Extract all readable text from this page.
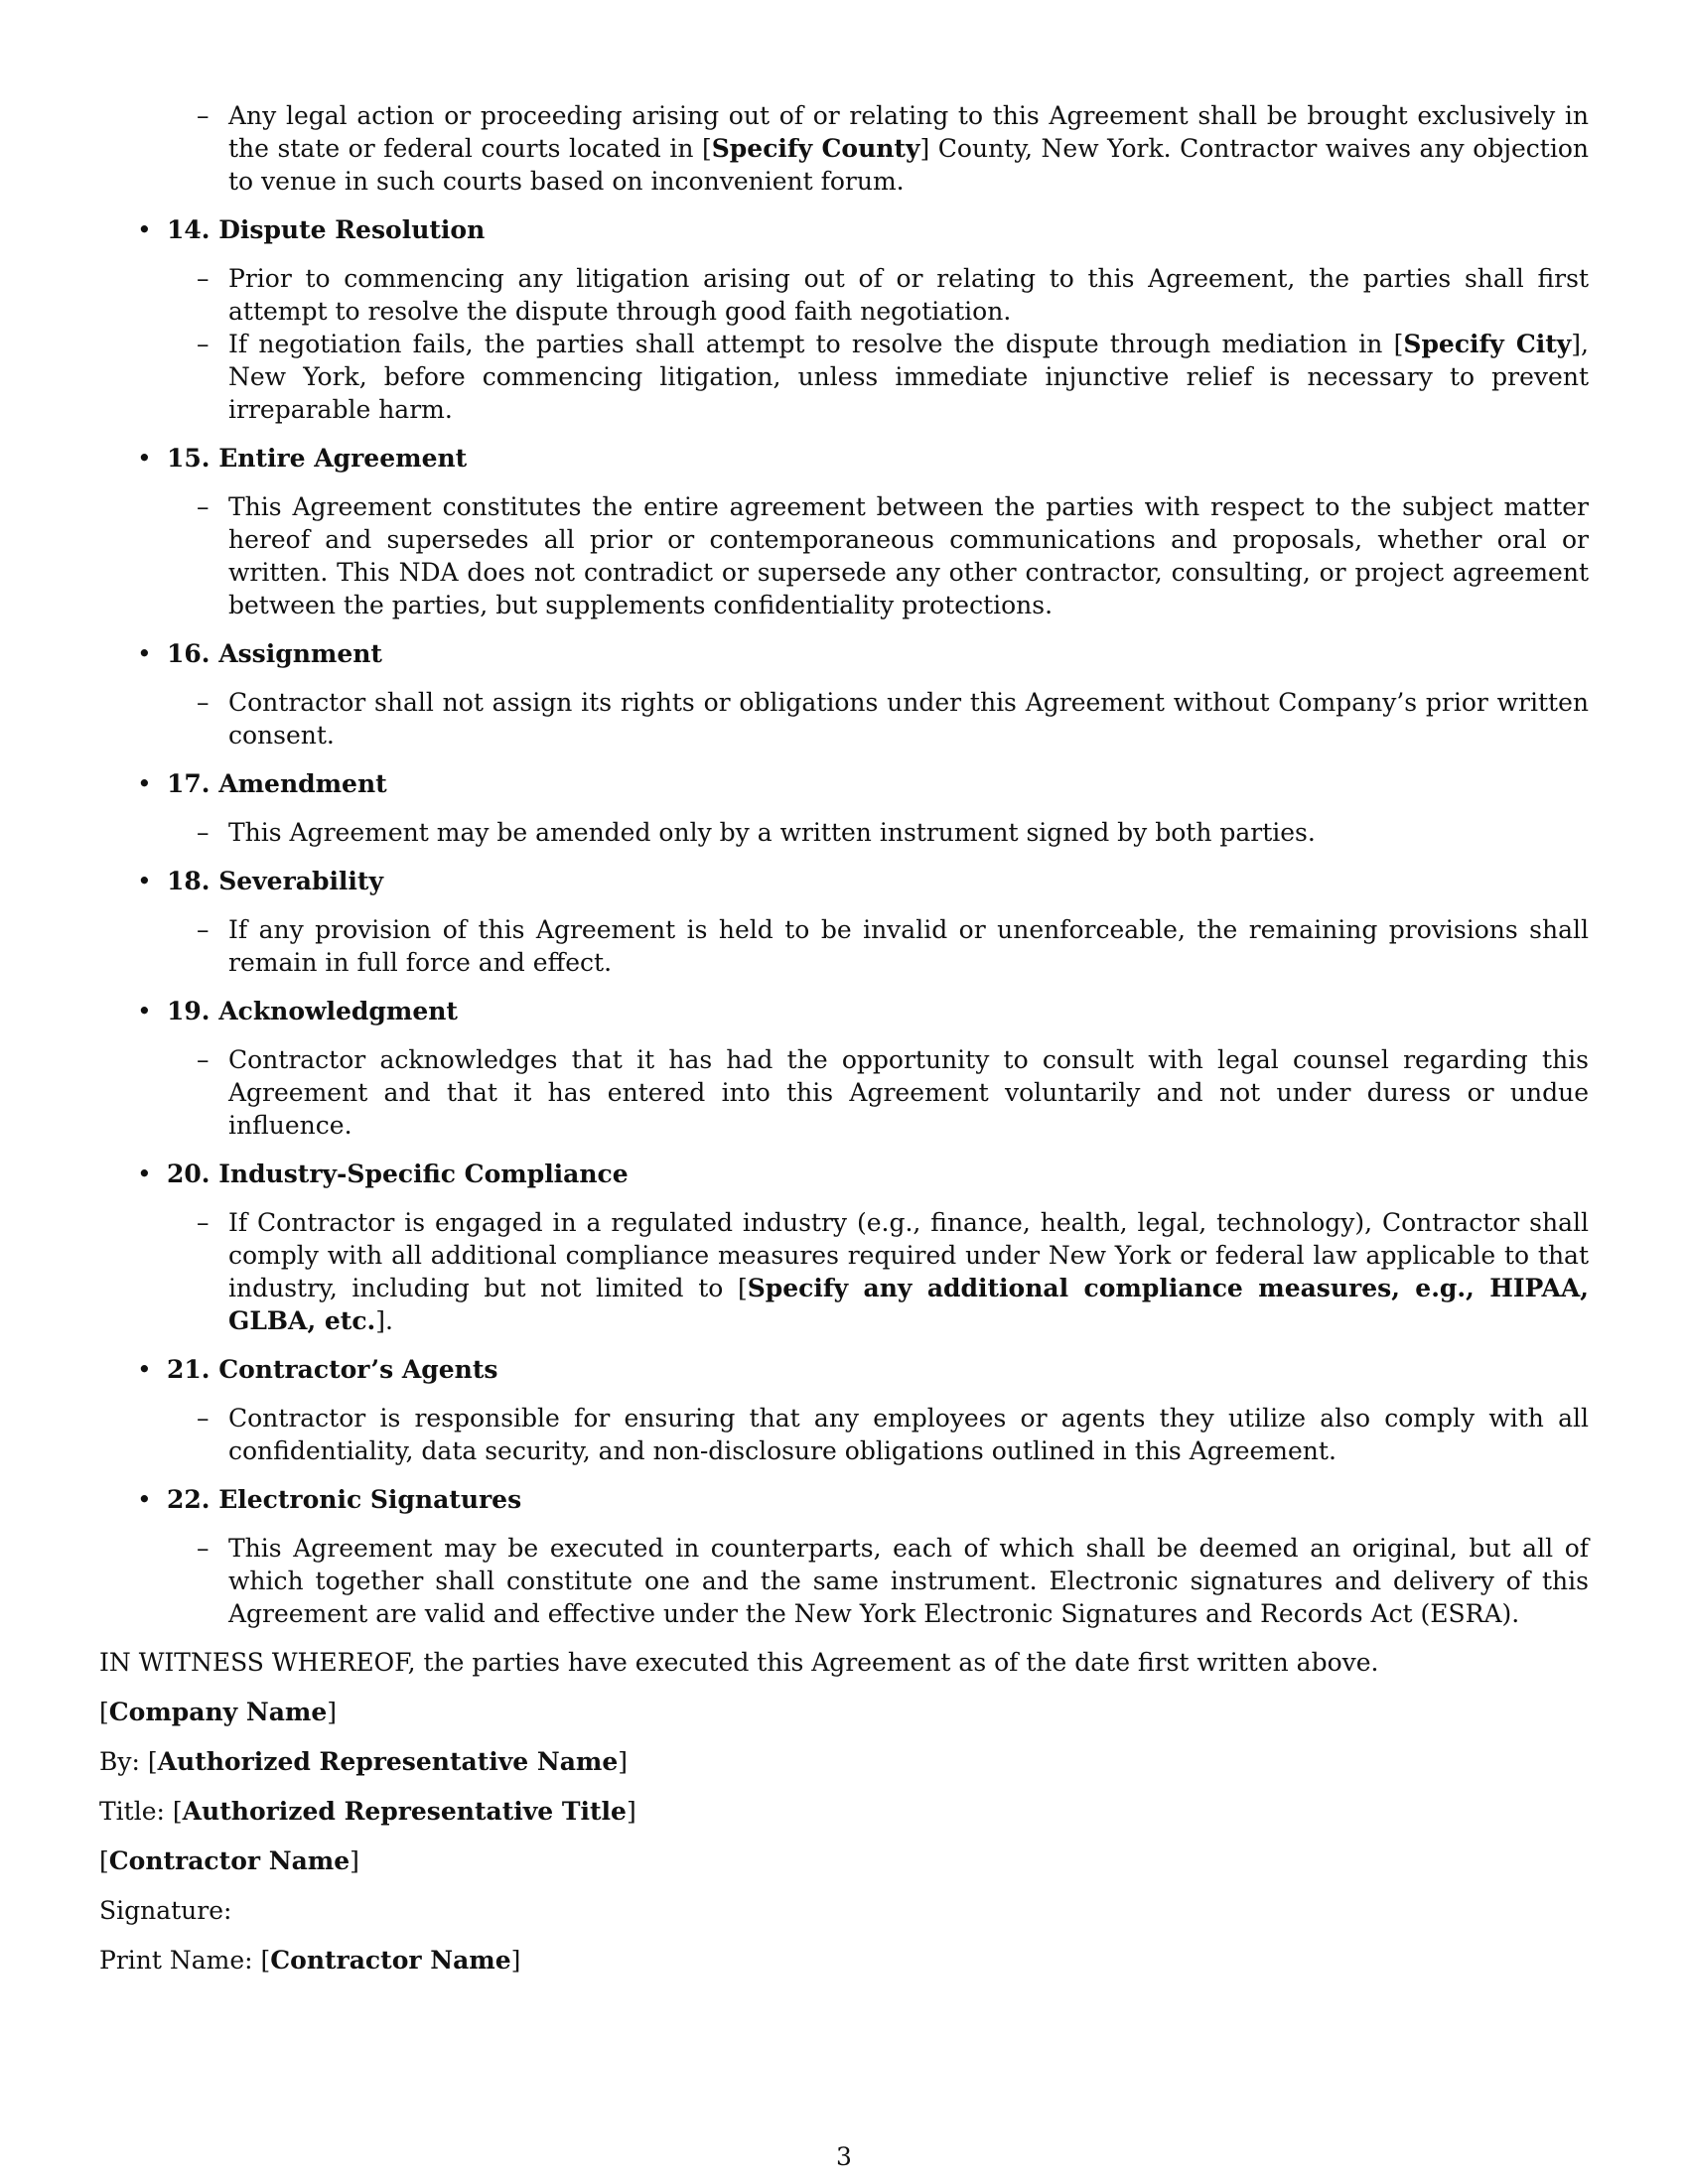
– Any legal action or proceeding arising out of or relating to this Agreement shall be brought exclusively in the state or federal courts located in [Specify County] County, New York. Contractor waives any objection to venue in such courts based on inconvenient forum.
• 14. Dispute Resolution
– Prior to commencing any litigation arising out of or relating to this Agreement, the parties shall first attempt to resolve the dispute through good faith negotiation.
– If negotiation fails, the parties shall attempt to resolve the dispute through mediation in [Specify City], New York, before commencing litigation, unless immediate injunctive relief is necessary to prevent irreparable harm.
• 15. Entire Agreement
– This Agreement constitutes the entire agreement between the parties with respect to the subject matter hereof and supersedes all prior or contemporaneous communications and proposals, whether oral or written. This NDA does not contradict or supersede any other contractor, consulting, or project agreement between the parties, but supplements confidentiality protections.
• 16. Assignment
– Contractor shall not assign its rights or obligations under this Agreement without Company’s prior written consent.
• 17. Amendment
– This Agreement may be amended only by a written instrument signed by both parties.
• 18. Severability
– If any provision of this Agreement is held to be invalid or unenforceable, the remaining provisions shall remain in full force and effect.
• 19. Acknowledgment
– Contractor acknowledges that it has had the opportunity to consult with legal counsel regarding this Agreement and that it has entered into this Agreement voluntarily and not under duress or undue influence.
• 20. Industry-Specific Compliance
– If Contractor is engaged in a regulated industry (e.g., finance, health, legal, technology), Contractor shall comply with all additional compliance measures required under New York or federal law applicable to that industry, including but not limited to [Specify any additional compliance measures, e.g., HIPAA, GLBA, etc.].
• 21. Contractor’s Agents
– Contractor is responsible for ensuring that any employees or agents they utilize also comply with all confidentiality, data security, and non-disclosure obligations outlined in this Agreement.
• 22. Electronic Signatures
– This Agreement may be executed in counterparts, each of which shall be deemed an original, but all of which together shall constitute one and the same instrument. Electronic signatures and delivery of this Agreement are valid and effective under the New York Electronic Signatures and Records Act (ESRA).

IN WITNESS WHEREOF, the parties have executed this Agreement as of the date first written above.

[Company Name]

By: [Authorized Representative Name]

Title: [Authorized Representative Title]

[Contractor Name]

Signature:

Print Name: [Contractor Name]

3
